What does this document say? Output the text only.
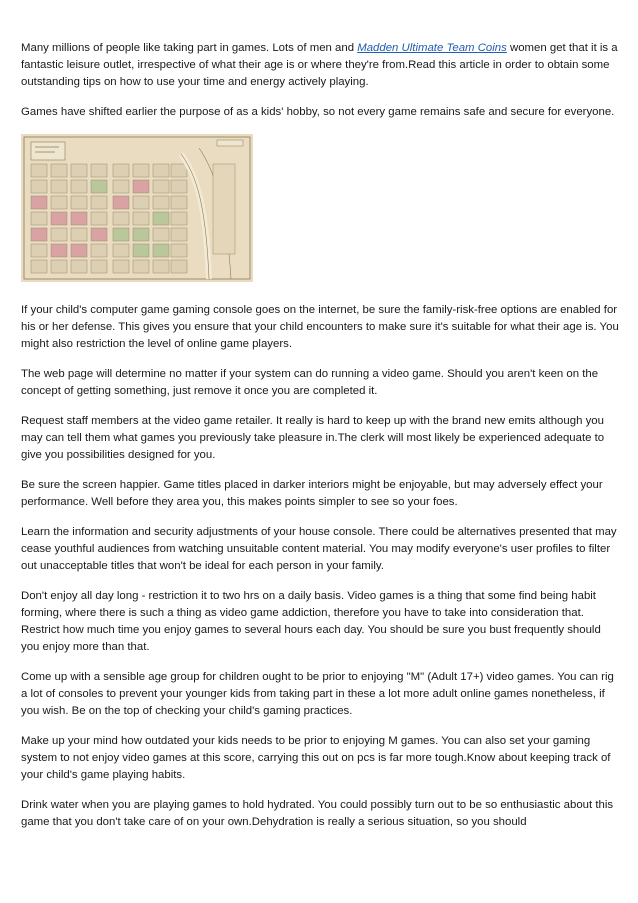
Many millions of people like taking part in games. Lots of men and Madden Ultimate Team Coins women get that it is a fantastic leisure outlet, irrespective of what their age is or where they're from.Read this article in order to obtain some outstanding tips on how to use your time and energy actively playing.

Games have shifted earlier the purpose of as a kids' hobby, so not every game remains safe and secure for everyone.

If your child's computer game gaming console goes on the internet, be sure the family-risk-free options are enabled for his or her defense. This gives you ensure that your child encounters to make sure it's suitable for what their age is. You might also restriction the level of online game players.

The web page will determine no matter if your system can do running a video game. Should you aren't keen on the concept of getting something, just remove it once you are completed it.

Request staff members at the video game retailer. It really is hard to keep up with the brand new emits although you may can tell them what games you previously take pleasure in.The clerk will most likely be experienced adequate to give you possibilities designed for you.

Be sure the screen happier. Game titles placed in darker interiors might be enjoyable, but may adversely effect your performance. Well before they area you, this makes points simpler to see so your foes.

Learn the information and security adjustments of your house console. There could be alternatives presented that may cease youthful audiences from watching unsuitable content material. You may modify everyone's user profiles to filter out unacceptable titles that won't be ideal for each person in your family.

Don't enjoy all day long - restriction it to two hrs on a daily basis. Video games is a thing that some find being habit forming, where there is such a thing as video game addiction, therefore you have to take into consideration that. Restrict how much time you enjoy games to several hours each day. You should be sure you bust frequently should you enjoy more than that.

Come up with a sensible age group for children ought to be prior to enjoying "M" (Adult 17+) video games. You can rig a lot of consoles to prevent your younger kids from taking part in these a lot more adult online games nonetheless, if you wish. Be on the top of checking your child's gaming practices.

Make up your mind how outdated your kids needs to be prior to enjoying M games. You can also set your gaming system to not enjoy video games at this score, carrying this out on pcs is far more tough.Know about keeping track of your child's game playing habits.

Drink water when you are playing games to hold hydrated. You could possibly turn out to be so enthusiastic about this game that you don't take care of on your own.Dehydration is really a serious situation, so you should
